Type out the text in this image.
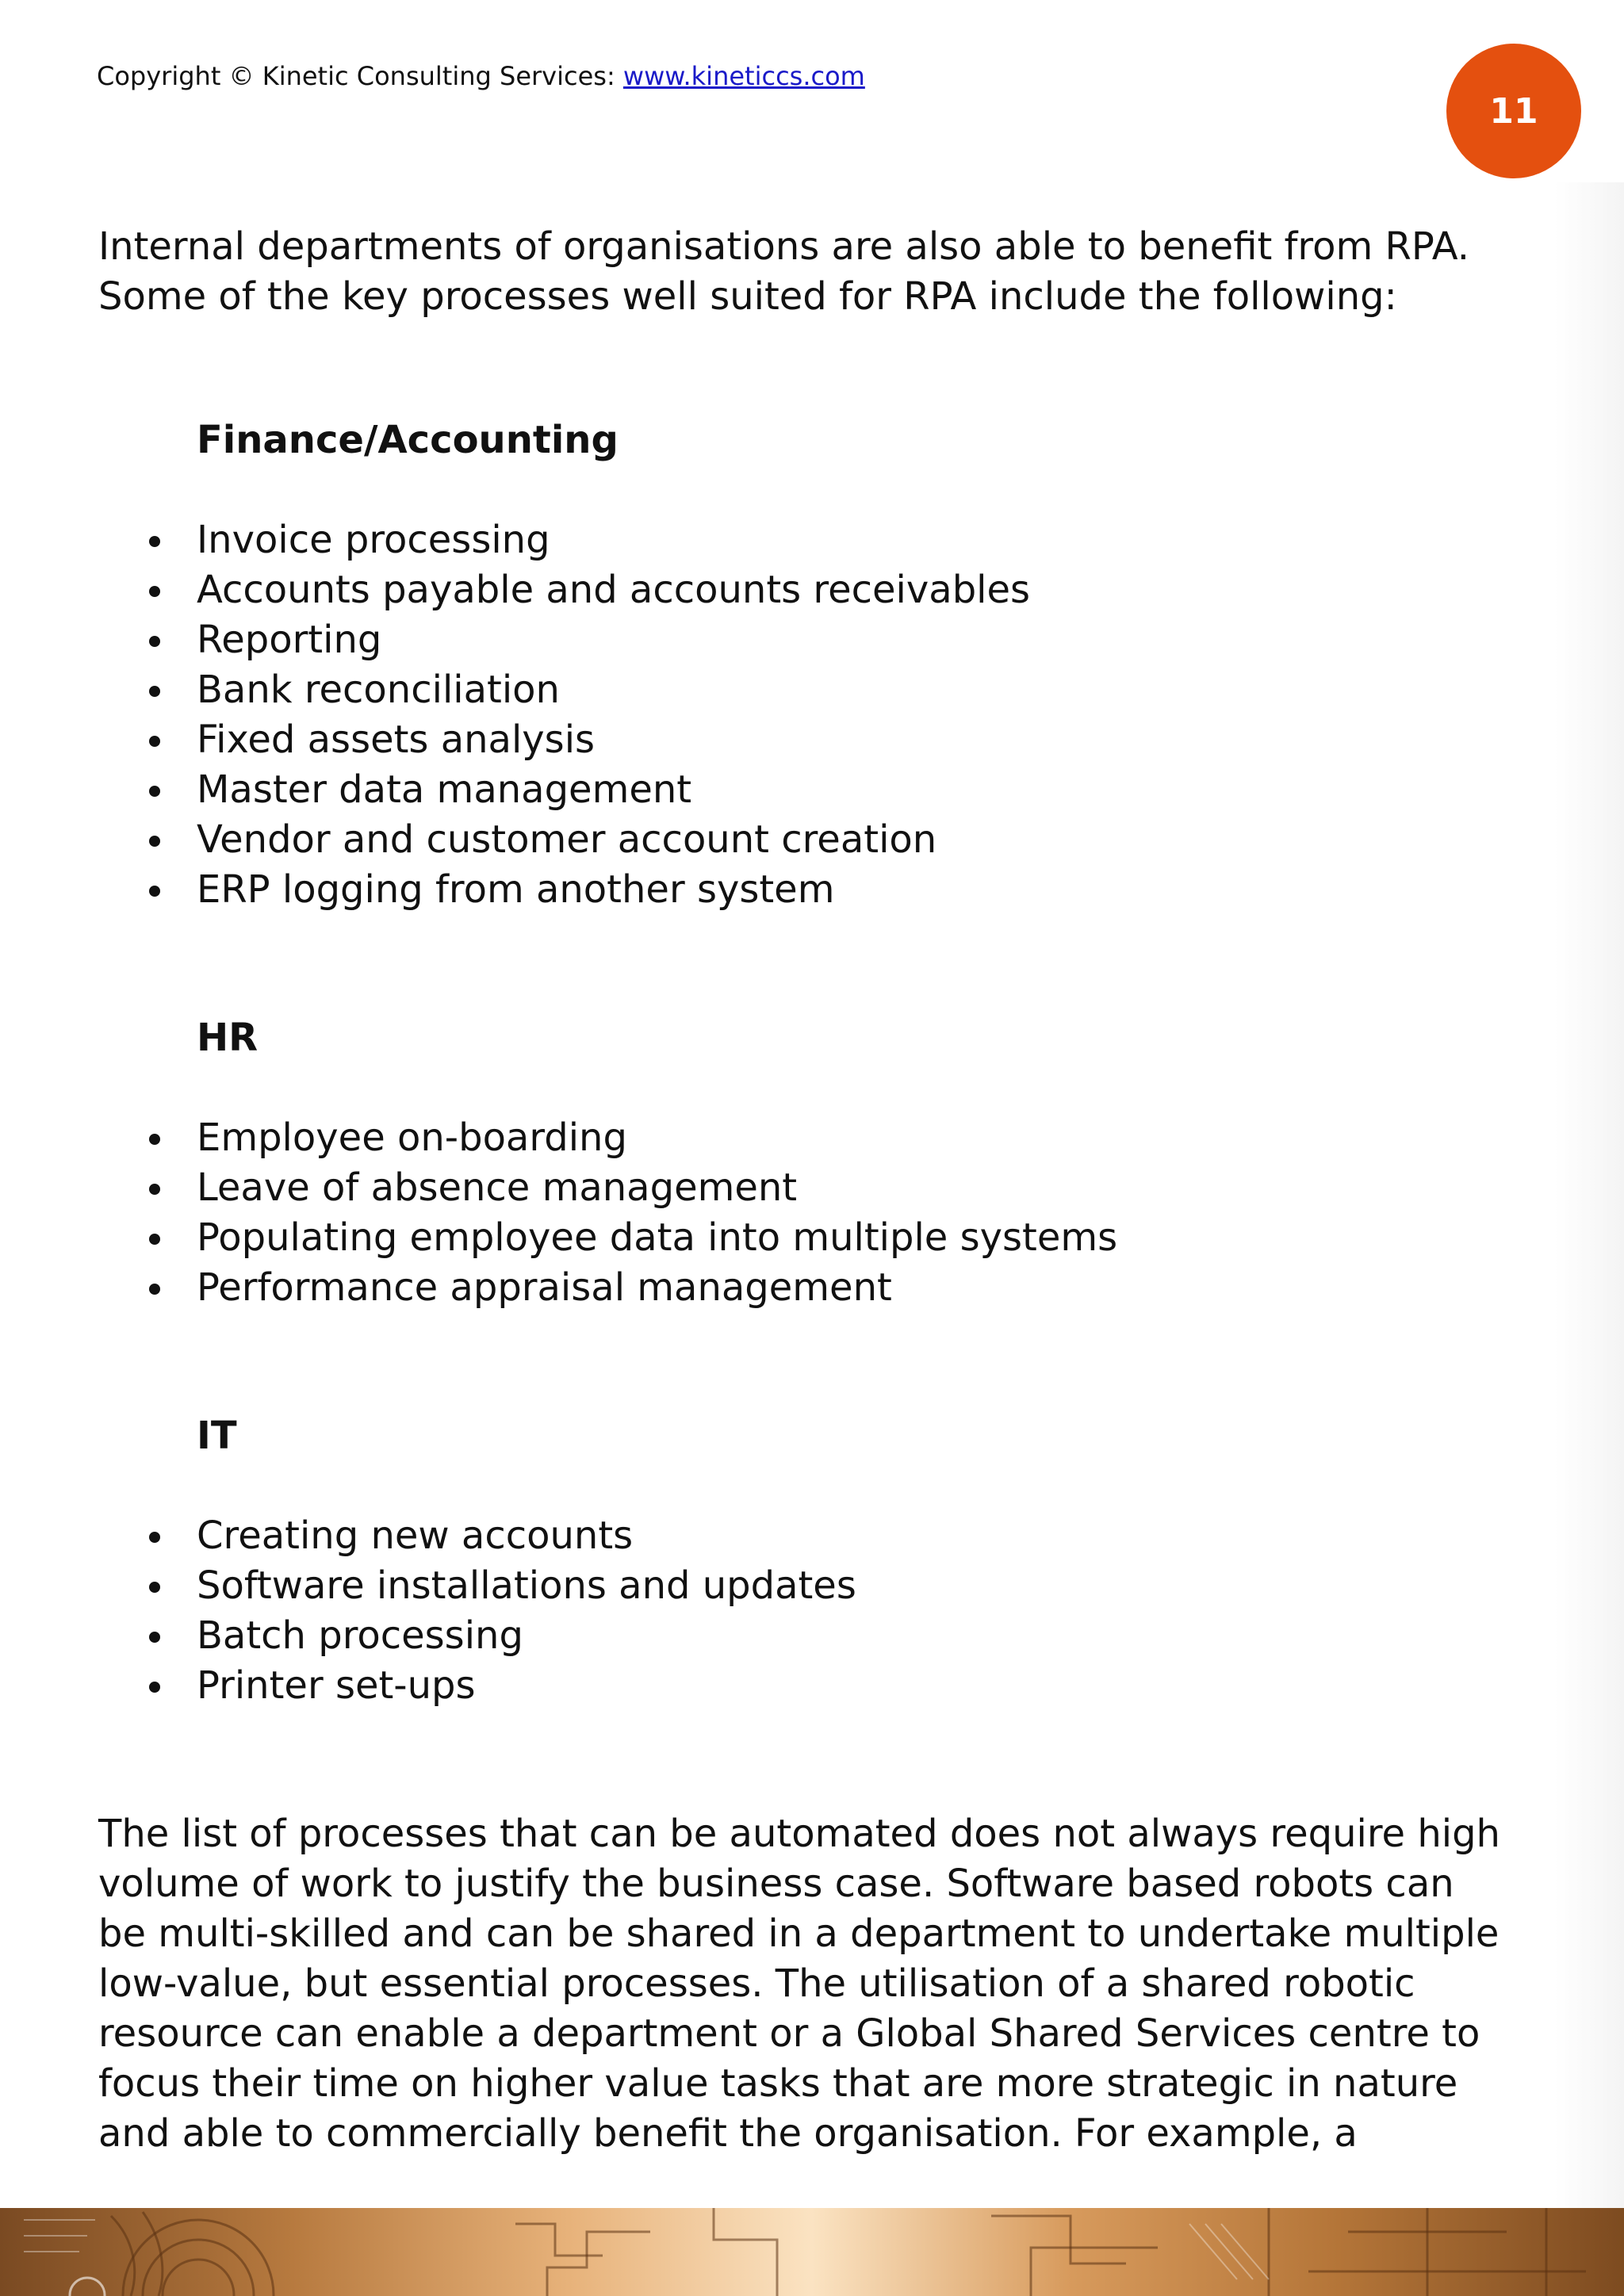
Copyright © Kinetic Consulting Services: www.kineticcs.com
11

Internal departments of organisations are also able to benefit from RPA.
Some of the key processes well suited for RPA include the following:

Finance/Accounting
Invoice processing
Accounts payable and accounts receivables
Reporting
Bank reconciliation
Fixed assets analysis
Master data management
Vendor and customer account creation
ERP logging from another system
HR
Employee on-boarding
Leave of absence management
Populating employee data into multiple systems
Performance appraisal management
IT
Creating new accounts
Software installations and updates
Batch processing
Printer set-ups

The list of processes that can be automated does not always require high
volume of work to justify the business case. Software based robots can
be multi-skilled and can be shared in a department to undertake multiple
low-value, but essential processes. The utilisation of a shared robotic
resource can enable a department or a Global Shared Services centre to
focus their time on higher value tasks that are more strategic in nature
and able to commercially benefit the organisation. For example, a
